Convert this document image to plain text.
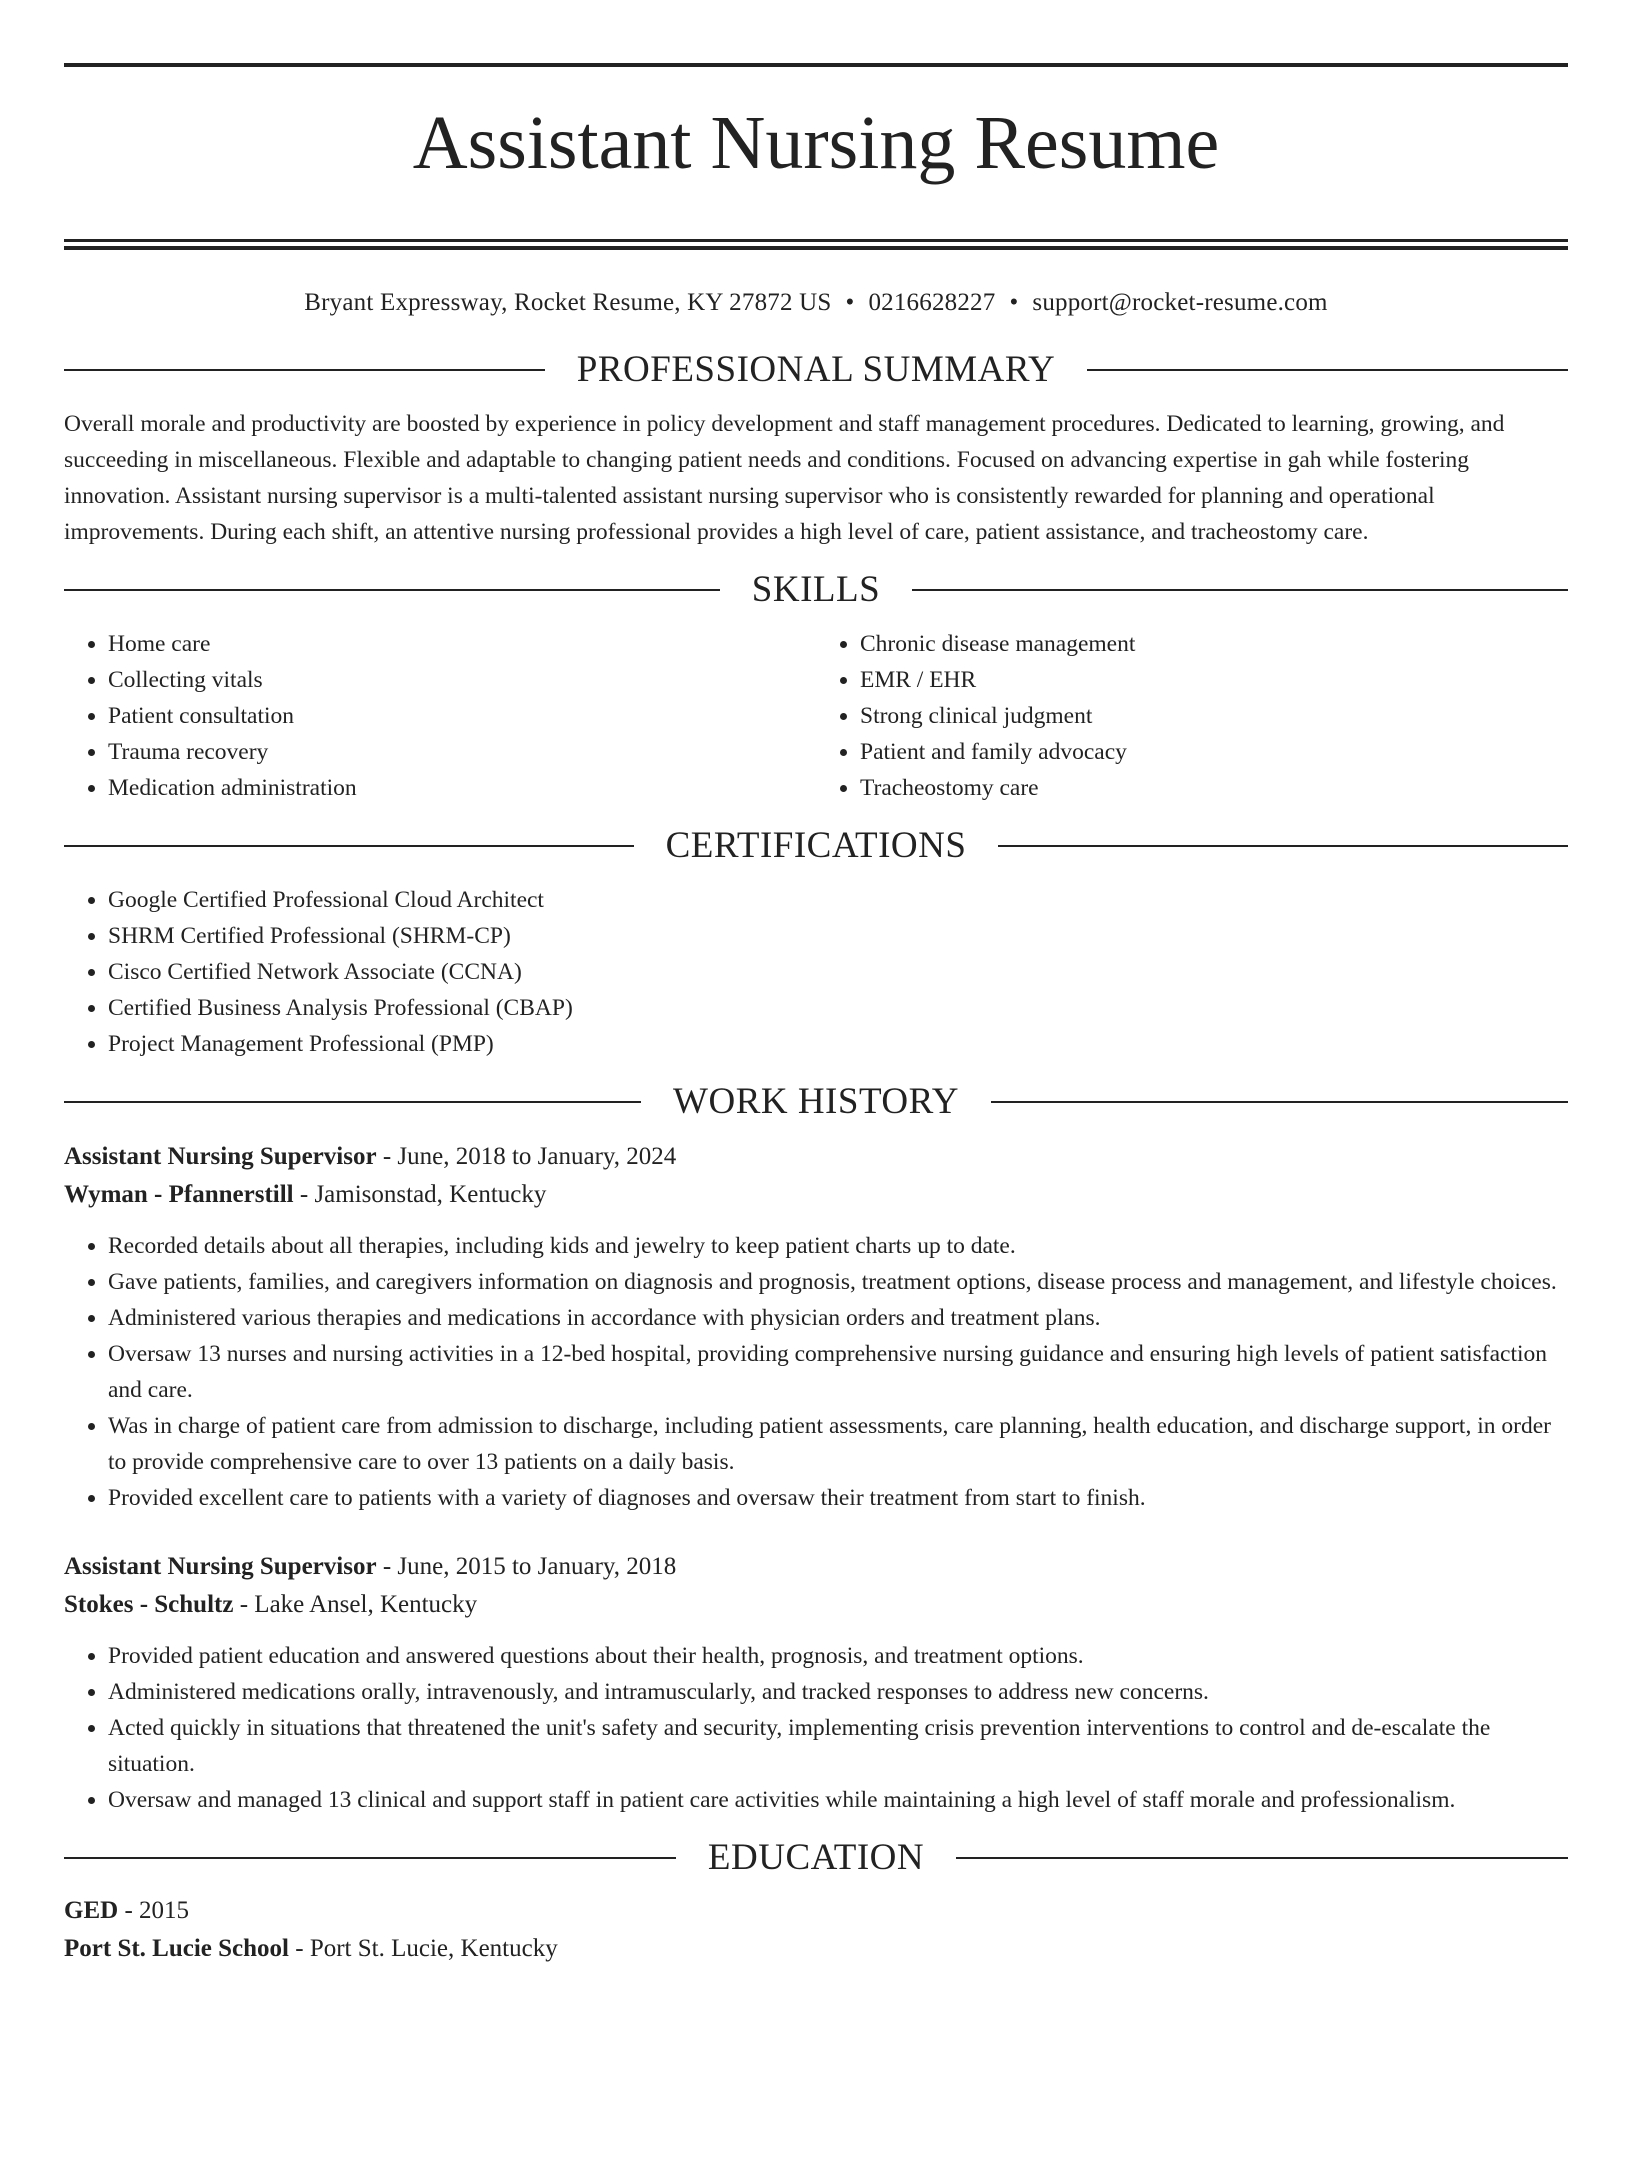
Assistant Nursing Resume
Bryant Expressway, Rocket Resume, KY 27872 US • 0216628227 • support@rocket-resume.com
PROFESSIONAL SUMMARY

Overall morale and productivity are boosted by experience in policy development and staff management procedures. Dedicated to learning, growing, and succeeding in miscellaneous. Flexible and adaptable to changing patient needs and conditions. Focused on advancing expertise in gah while fostering innovation. Assistant nursing supervisor is a multi-talented assistant nursing supervisor who is consistently rewarded for planning and operational improvements. During each shift, an attentive nursing professional provides a high level of care, patient assistance, and tracheostomy care.

SKILLS
• Home care
• Collecting vitals
• Patient consultation
• Trauma recovery
• Medication administration
• Chronic disease management
• EMR / EHR
• Strong clinical judgment
• Patient and family advocacy
• Tracheostomy care
CERTIFICATIONS
• Google Certified Professional Cloud Architect
• SHRM Certified Professional (SHRM-CP)
• Cisco Certified Network Associate (CCNA)
• Certified Business Analysis Professional (CBAP)
• Project Management Professional (PMP)
WORK HISTORY
Assistant Nursing Supervisor - June, 2018 to January, 2024
Wyman - Pfannerstill - Jamisonstad, Kentucky
• Recorded details about all therapies, including kids and jewelry to keep patient charts up to date.
• Gave patients, families, and caregivers information on diagnosis and prognosis, treatment options, disease process and management, and lifestyle choices.
• Administered various therapies and medications in accordance with physician orders and treatment plans.
• Oversaw 13 nurses and nursing activities in a 12-bed hospital, providing comprehensive nursing guidance and ensuring high levels of patient satisfaction and care.
• Was in charge of patient care from admission to discharge, including patient assessments, care planning, health education, and discharge support, in order to provide comprehensive care to over 13 patients on a daily basis.
• Provided excellent care to patients with a variety of diagnoses and oversaw their treatment from start to finish.
Assistant Nursing Supervisor - June, 2015 to January, 2018
Stokes - Schultz - Lake Ansel, Kentucky
• Provided patient education and answered questions about their health, prognosis, and treatment options.
• Administered medications orally, intravenously, and intramuscularly, and tracked responses to address new concerns.
• Acted quickly in situations that threatened the unit's safety and security, implementing crisis prevention interventions to control and de-escalate the situation.
• Oversaw and managed 13 clinical and support staff in patient care activities while maintaining a high level of staff morale and professionalism.
EDUCATION
GED - 2015
Port St. Lucie School - Port St. Lucie, Kentucky
